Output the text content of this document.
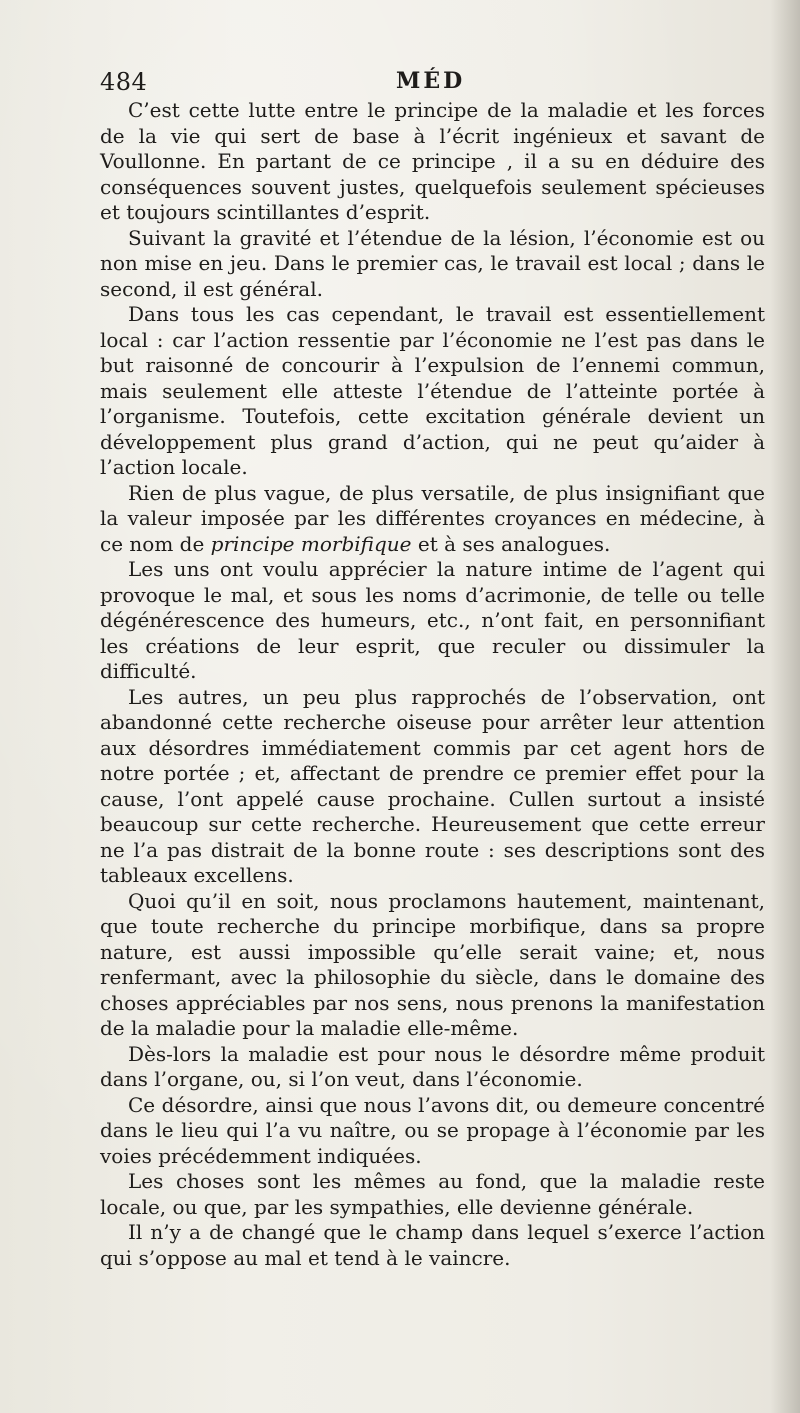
484	MÉD

C’est cette lutte entre le principe de la maladie et les forces de la vie qui sert de base à l’écrit ingénieux et savant de Voullonne. En partant de ce principe , il a su en déduire des conséquences souvent justes, quelquefois seulement spécieuses et toujours scintillantes d’esprit.

Suivant la gravité et l’étendue de la lésion, l’économie est ou non mise en jeu. Dans le premier cas, le travail est local ; dans le second, il est général.

Dans tous les cas cependant, le travail est essentiellement local : car l’action ressentie par l’économie ne l’est pas dans le but raisonné de concourir à l’expulsion de l’ennemi commun, mais seulement elle atteste l’étendue de l’atteinte portée à l’organisme. Toutefois, cette excitation générale devient un développement plus grand d’action, qui ne peut qu’aider à l’action locale.

Rien de plus vague, de plus versatile, de plus insignifiant que la valeur imposée par les différentes croyances en médecine, à ce nom de principe morbifique et à ses analogues.

Les uns ont voulu apprécier la nature intime de l’agent qui provoque le mal, et sous les noms d’acrimonie, de telle ou telle dégénérescence des humeurs, etc., n’ont fait, en personnifiant les créations de leur esprit, que reculer ou dissimuler la difficulté.

Les autres, un peu plus rapprochés de l’observation, ont abandonné cette recherche oiseuse pour arrêter leur attention aux désordres immédiatement commis par cet agent hors de notre portée ; et, affectant de prendre ce premier effet pour la cause, l’ont appelé cause prochaine. Cullen surtout a insisté beaucoup sur cette recherche. Heureusement que cette erreur ne l’a pas distrait de la bonne route : ses descriptions sont des tableaux excellens.

Quoi qu’il en soit, nous proclamons hautement, maintenant, que toute recherche du principe morbifique, dans sa propre nature, est aussi impossible qu’elle serait vaine; et, nous renfermant, avec la philosophie du siècle, dans le domaine des choses appréciables par nos sens, nous prenons la manifestation de la maladie pour la maladie elle-même.

Dès-lors la maladie est pour nous le désordre même produit dans l’organe, ou, si l’on veut, dans l’économie.

Ce désordre, ainsi que nous l’avons dit, ou demeure concentré dans le lieu qui l’a vu naître, ou se propage à l’économie par les voies précédemment indiquées.

Les choses sont les mêmes au fond, que la maladie reste locale, ou que, par les sympathies, elle devienne générale.

Il n’y a de changé que le champ dans lequel s’exerce l’action qui s’oppose au mal et tend à le vaincre.
